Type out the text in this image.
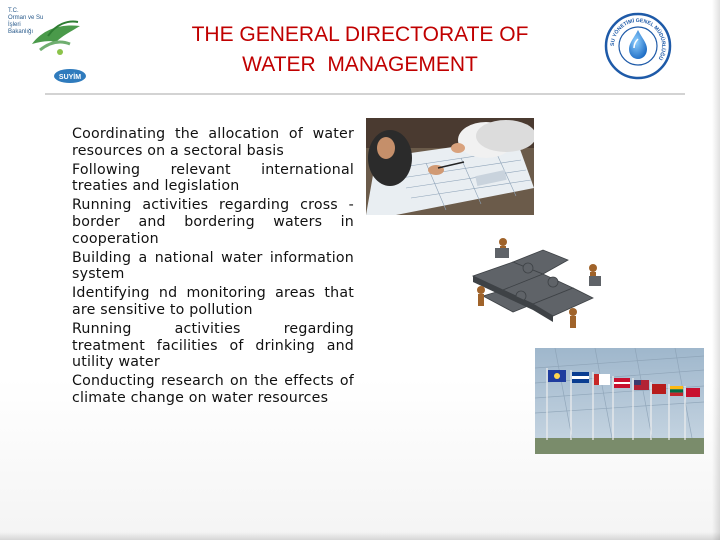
T.C.
Orman ve Su İşleri
Bakanlığı
SUYİM
THE GENERAL DIRECTORATE OF
WATER  MANAGEMENT
SU YÖNETİMİ GENEL MÜDÜRLÜĞÜ
Coordinating the allocation of water resources on a sectoral basis
Following relevant international treaties and legislation
Running activities regarding cross -border and bordering waters in cooperation
Building a national water information system
Identifying nd monitoring areas that are sensitive to pollution
Running activities regarding treatment facilities of drinking and utility water
Conducting research on the effects of climate change on water resources
